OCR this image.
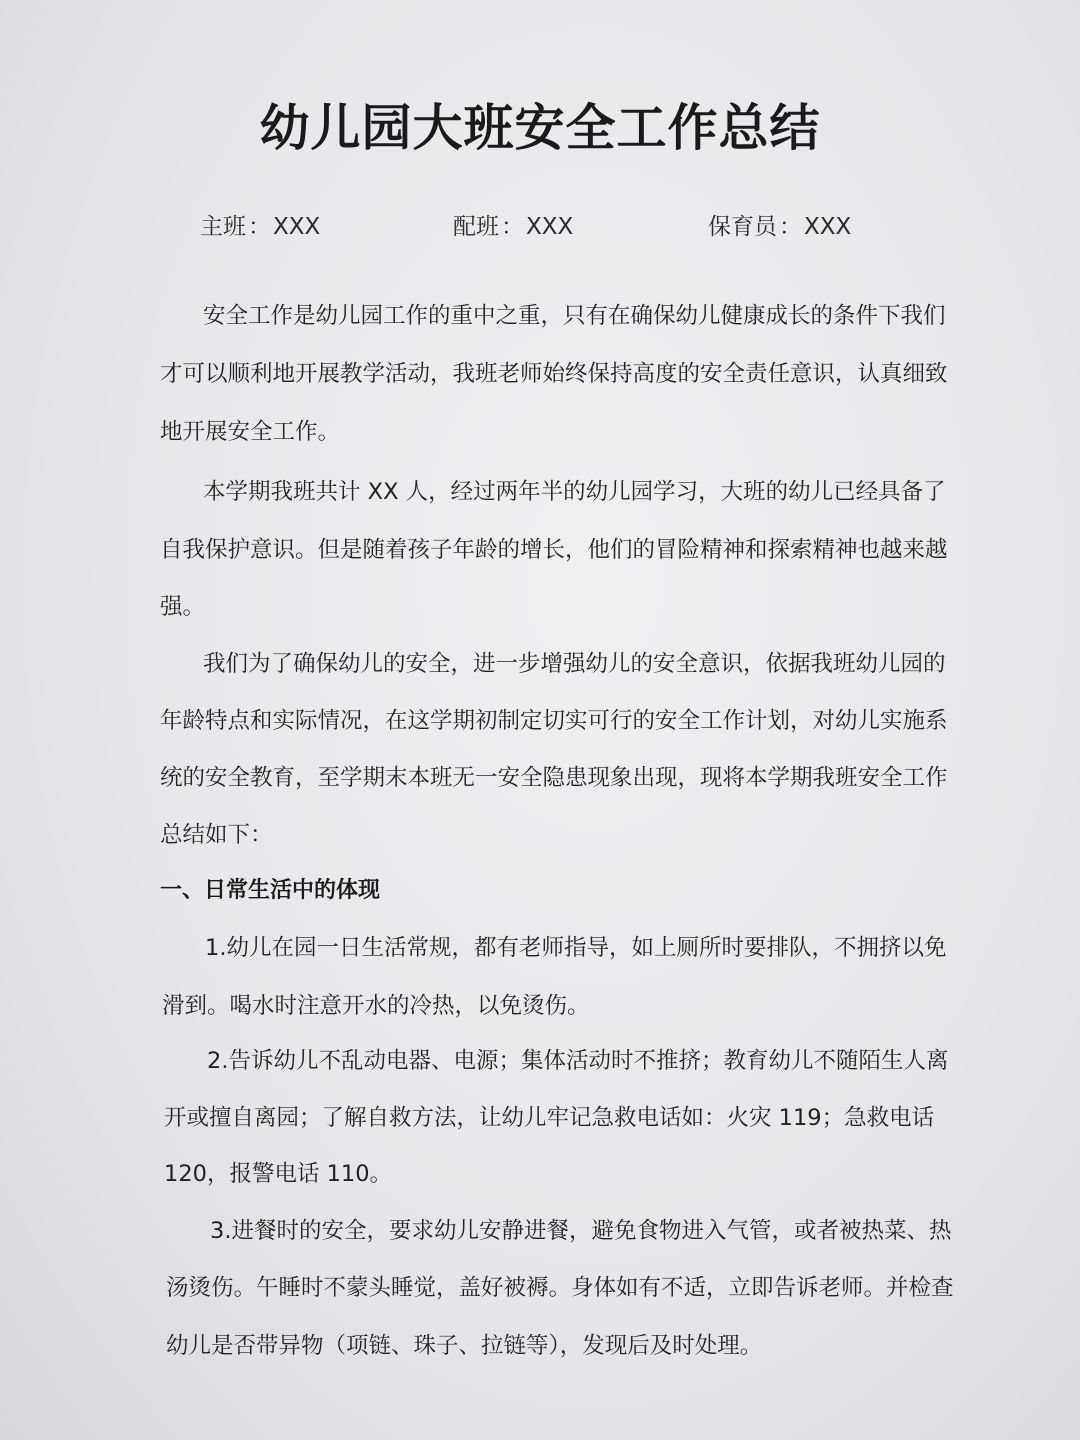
幼儿园大班安全工作总结
主班：XXX	配班：XXX	保育员：XXX
安全工作是幼儿园工作的重中之重，只有在确保幼儿健康成长的条件下我们
才可以顺利地开展教学活动，我班老师始终保持高度的安全责任意识，认真细致
地开展安全工作。
本学期我班共计 XX 人，经过两年半的幼儿园学习，大班的幼儿已经具备了
自我保护意识。但是随着孩子年龄的增长，他们的冒险精神和探索精神也越来越
强。
我们为了确保幼儿的安全，进一步增强幼儿的安全意识，依据我班幼儿园的
年龄特点和实际情况，在这学期初制定切实可行的安全工作计划，对幼儿实施系
统的安全教育，至学期末本班无一安全隐患现象出现，现将本学期我班安全工作
总结如下：
一、日常生活中的体现
1.幼儿在园一日生活常规，都有老师指导，如上厕所时要排队，不拥挤以免
滑到。喝水时注意开水的冷热，以免烫伤。
2.告诉幼儿不乱动电器、电源；集体活动时不推挤；教育幼儿不随陌生人离
开或擅自离园；了解自救方法，让幼儿牢记急救电话如：火灾 119；急救电话
120，报警电话 110。
3.进餐时的安全，要求幼儿安静进餐，避免食物进入气管，或者被热菜、热
汤烫伤。午睡时不蒙头睡觉，盖好被褥。身体如有不适，立即告诉老师。并检查
幼儿是否带异物（项链、珠子、拉链等），发现后及时处理。
